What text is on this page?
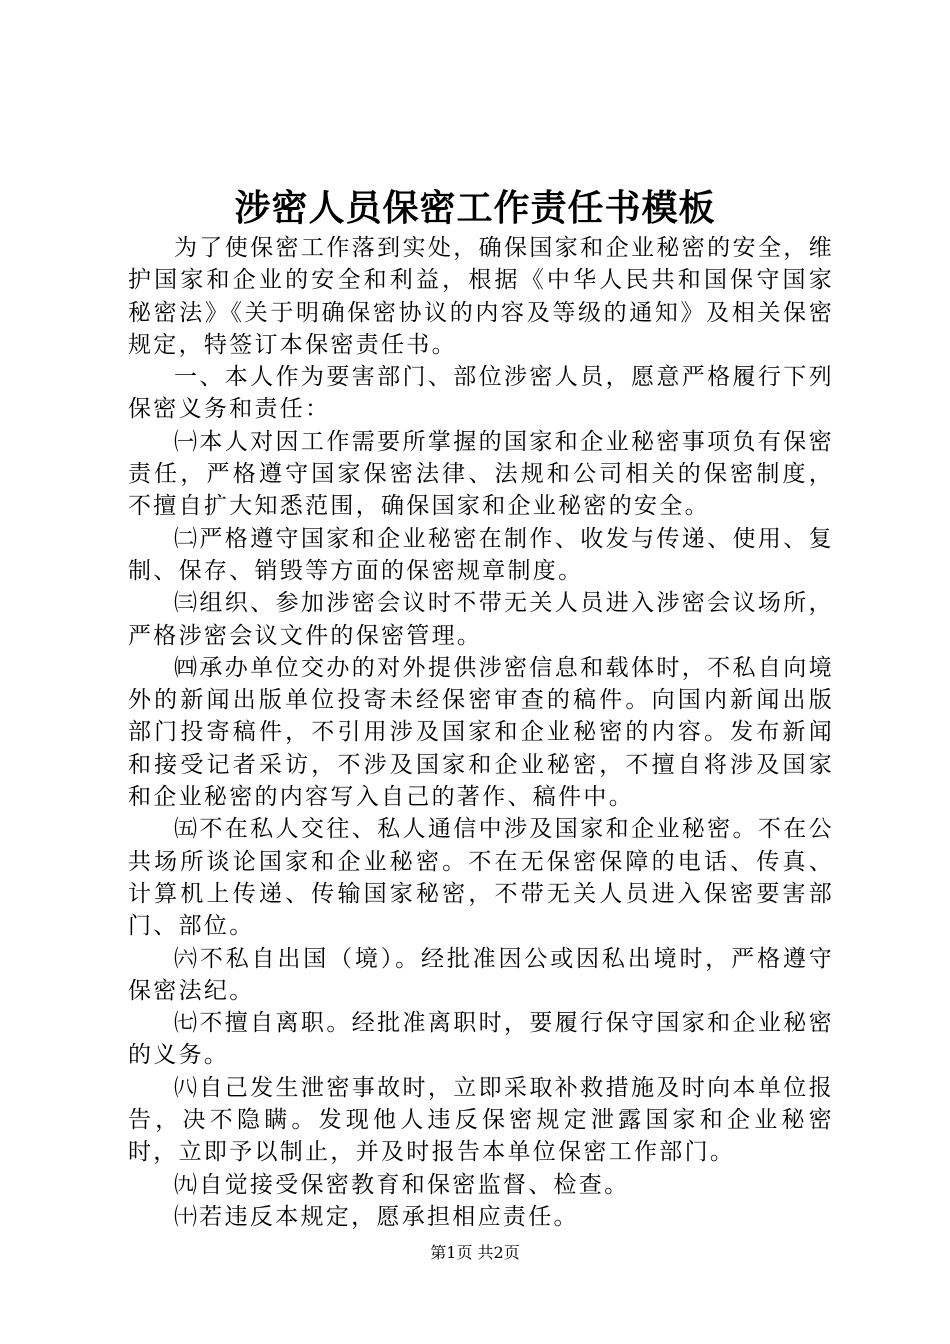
涉密人员保密工作责任书模板

为了使保密工作落到实处，确保国家和企业秘密的安全，维护国家和企业的安全和利益，根据《中华人民共和国保守国家秘密法》《关于明确保密协议的内容及等级的通知》及相关保密规定，特签订本保密责任书。

一、本人作为要害部门、部位涉密人员，愿意严格履行下列保密义务和责任：

㈠本人对因工作需要所掌握的国家和企业秘密事项负有保密责任，严格遵守国家保密法律、法规和公司相关的保密制度，不擅自扩大知悉范围，确保国家和企业秘密的安全。

㈡严格遵守国家和企业秘密在制作、收发与传递、使用、复制、保存、销毁等方面的保密规章制度。

㈢组织、参加涉密会议时不带无关人员进入涉密会议场所，严格涉密会议文件的保密管理。

㈣承办单位交办的对外提供涉密信息和载体时，不私自向境外的新闻出版单位投寄未经保密审查的稿件。向国内新闻出版部门投寄稿件，不引用涉及国家和企业秘密的内容。发布新闻和接受记者采访，不涉及国家和企业秘密，不擅自将涉及国家和企业秘密的内容写入自己的著作、稿件中。

㈤不在私人交往、私人通信中涉及国家和企业秘密。不在公共场所谈论国家和企业秘密。不在无保密保障的电话、传真、计算机上传递、传输国家秘密，不带无关人员进入保密要害部门、部位。

㈥不私自出国（境）。经批准因公或因私出境时，严格遵守保密法纪。

㈦不擅自离职。经批准离职时，要履行保守国家和企业秘密的义务。

㈧自己发生泄密事故时，立即采取补救措施及时向本单位报告，决不隐瞒。发现他人违反保密规定泄露国家和企业秘密时，立即予以制止，并及时报告本单位保密工作部门。

㈨自觉接受保密教育和保密监督、检查。

㈩若违反本规定，愿承担相应责任。

第1页 共2页
